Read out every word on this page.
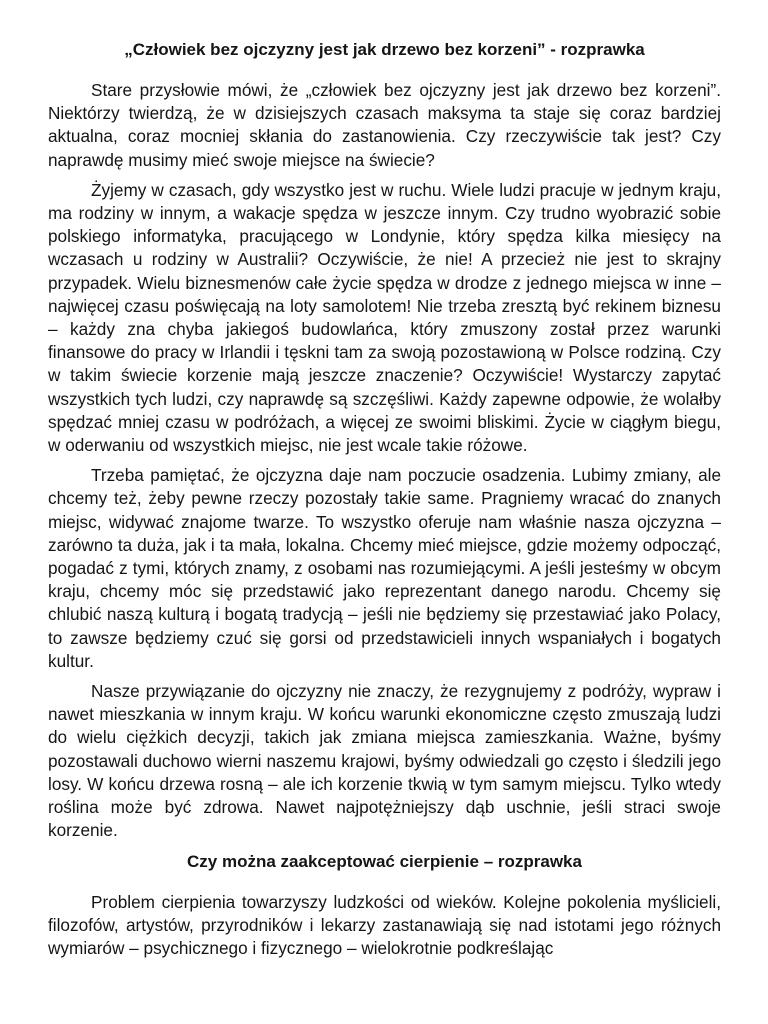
„Człowiek bez ojczyzny jest jak drzewo bez korzeni” - rozprawka

Stare przysłowie mówi, że „człowiek bez ojczyzny jest jak drzewo bez korzeni”. Niektórzy twierdzą, że w dzisiejszych czasach maksyma ta staje się coraz bardziej aktualna, coraz mocniej skłania do zastanowienia. Czy rzeczywiście tak jest? Czy naprawdę musimy mieć swoje miejsce na świecie?

Żyjemy w czasach, gdy wszystko jest w ruchu. Wiele ludzi pracuje w jednym kraju, ma rodziny w innym, a wakacje spędza w jeszcze innym. Czy trudno wyobrazić sobie polskiego informatyka, pracującego w Londynie, który spędza kilka miesięcy na wczasach u rodziny w Australii? Oczywiście, że nie! A przecież nie jest to skrajny przypadek. Wielu biznesmenów całe życie spędza w drodze z jednego miejsca w inne – najwięcej czasu poświęcają na loty samolotem! Nie trzeba zresztą być rekinem biznesu – każdy zna chyba jakiegoś budowlańca, który zmuszony został przez warunki finansowe do pracy w Irlandii i tęskni tam za swoją pozostawioną w Polsce rodziną. Czy w takim świecie korzenie mają jeszcze znaczenie? Oczywiście! Wystarczy zapytać wszystkich tych ludzi, czy naprawdę są szczęśliwi. Każdy zapewne odpowie, że wolałby spędzać mniej czasu w podróżach, a więcej ze swoimi bliskimi. Życie w ciągłym biegu, w oderwaniu od wszystkich miejsc, nie jest wcale takie różowe.

Trzeba pamiętać, że ojczyzna daje nam poczucie osadzenia. Lubimy zmiany, ale chcemy też, żeby pewne rzeczy pozostały takie same. Pragniemy wracać do znanych miejsc, widywać znajome twarze. To wszystko oferuje nam właśnie nasza ojczyzna – zarówno ta duża, jak i ta mała, lokalna. Chcemy mieć miejsce, gdzie możemy odpocząć, pogadać z tymi, których znamy, z osobami nas rozumiejącymi. A jeśli jesteśmy w obcym kraju, chcemy móc się przedstawić jako reprezentant danego narodu. Chcemy się chlubić naszą kulturą i bogatą tradycją – jeśli nie będziemy się przestawiać jako Polacy, to zawsze będziemy czuć się gorsi od przedstawicieli innych wspaniałych i bogatych kultur.

Nasze przywiązanie do ojczyzny nie znaczy, że rezygnujemy z podróży, wypraw i nawet mieszkania w innym kraju. W końcu warunki ekonomiczne często zmuszają ludzi do wielu ciężkich decyzji, takich jak zmiana miejsca zamieszkania. Ważne, byśmy pozostawali duchowo wierni naszemu krajowi, byśmy odwiedzali go często i śledzili jego losy. W końcu drzewa rosną – ale ich korzenie tkwią w tym samym miejscu. Tylko wtedy roślina może być zdrowa. Nawet najpotężniejszy dąb uschnie, jeśli straci swoje korzenie.

Czy można zaakceptować cierpienie – rozprawka

Problem cierpienia towarzyszy ludzkości od wieków. Kolejne pokolenia myślicieli, filozofów, artystów, przyrodników i lekarzy zastanawiają się nad istotami jego różnych wymiarów – psychicznego i fizycznego – wielokrotnie podkreślając
